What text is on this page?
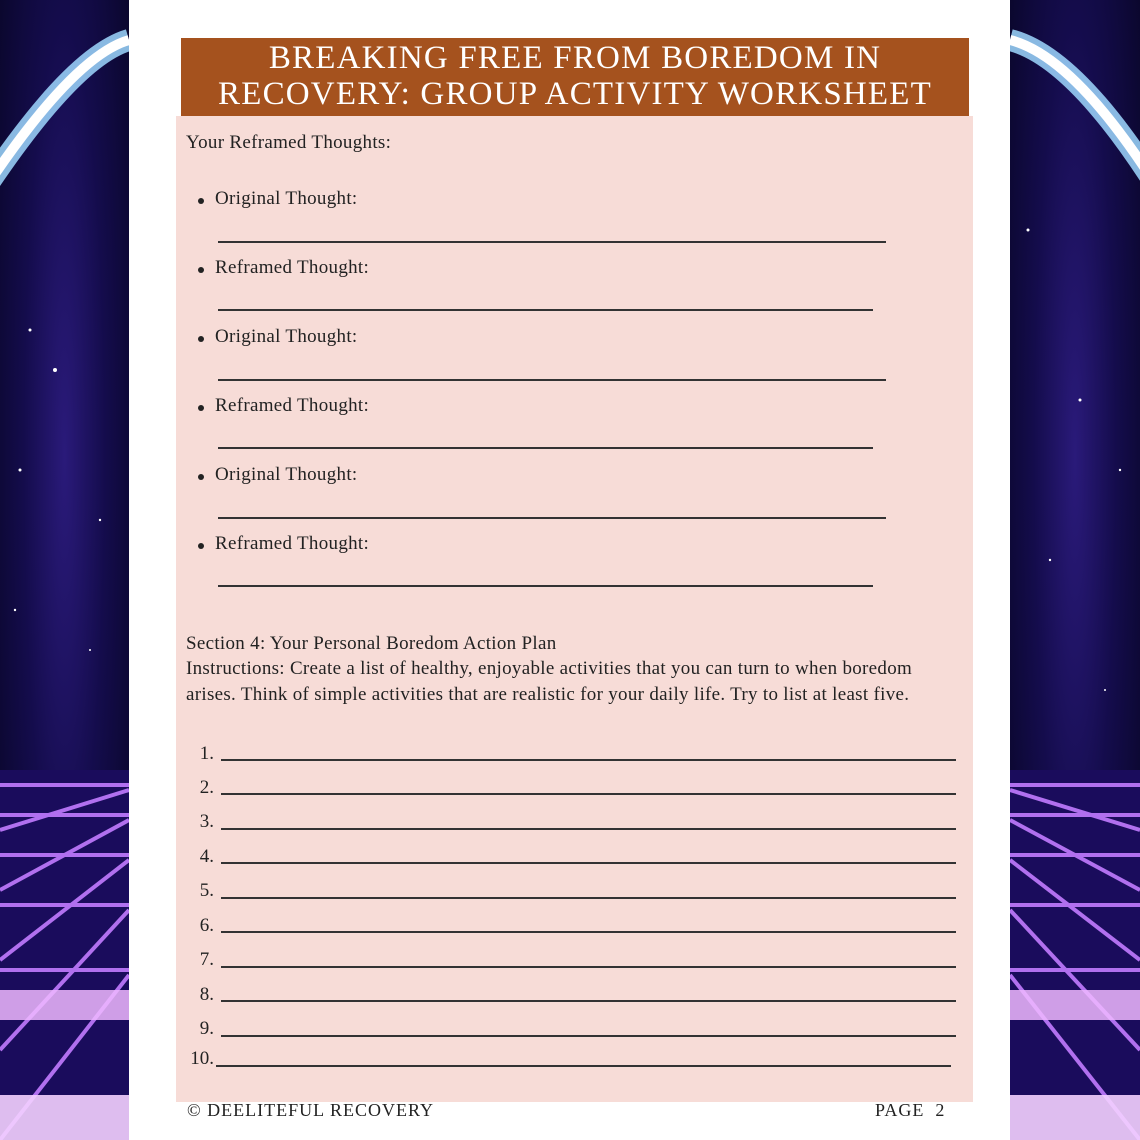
BREAKING FREE FROM BOREDOM IN
RECOVERY: GROUP ACTIVITY WORKSHEET
Your Reframed Thoughts:
Original Thought:
Reframed Thought:
Original Thought:
Reframed Thought:
Original Thought:
Reframed Thought:
Section 4: Your Personal Boredom Action Plan
Instructions: Create a list of healthy, enjoyable activities that you can turn to when boredom arises. Think of simple activities that are realistic for your daily life. Try to list at least five.
1.
2.
3.
4.
5.
6.
7.
8.
9.
10.
© DEELITEFUL RECOVERY	PAGE  2
